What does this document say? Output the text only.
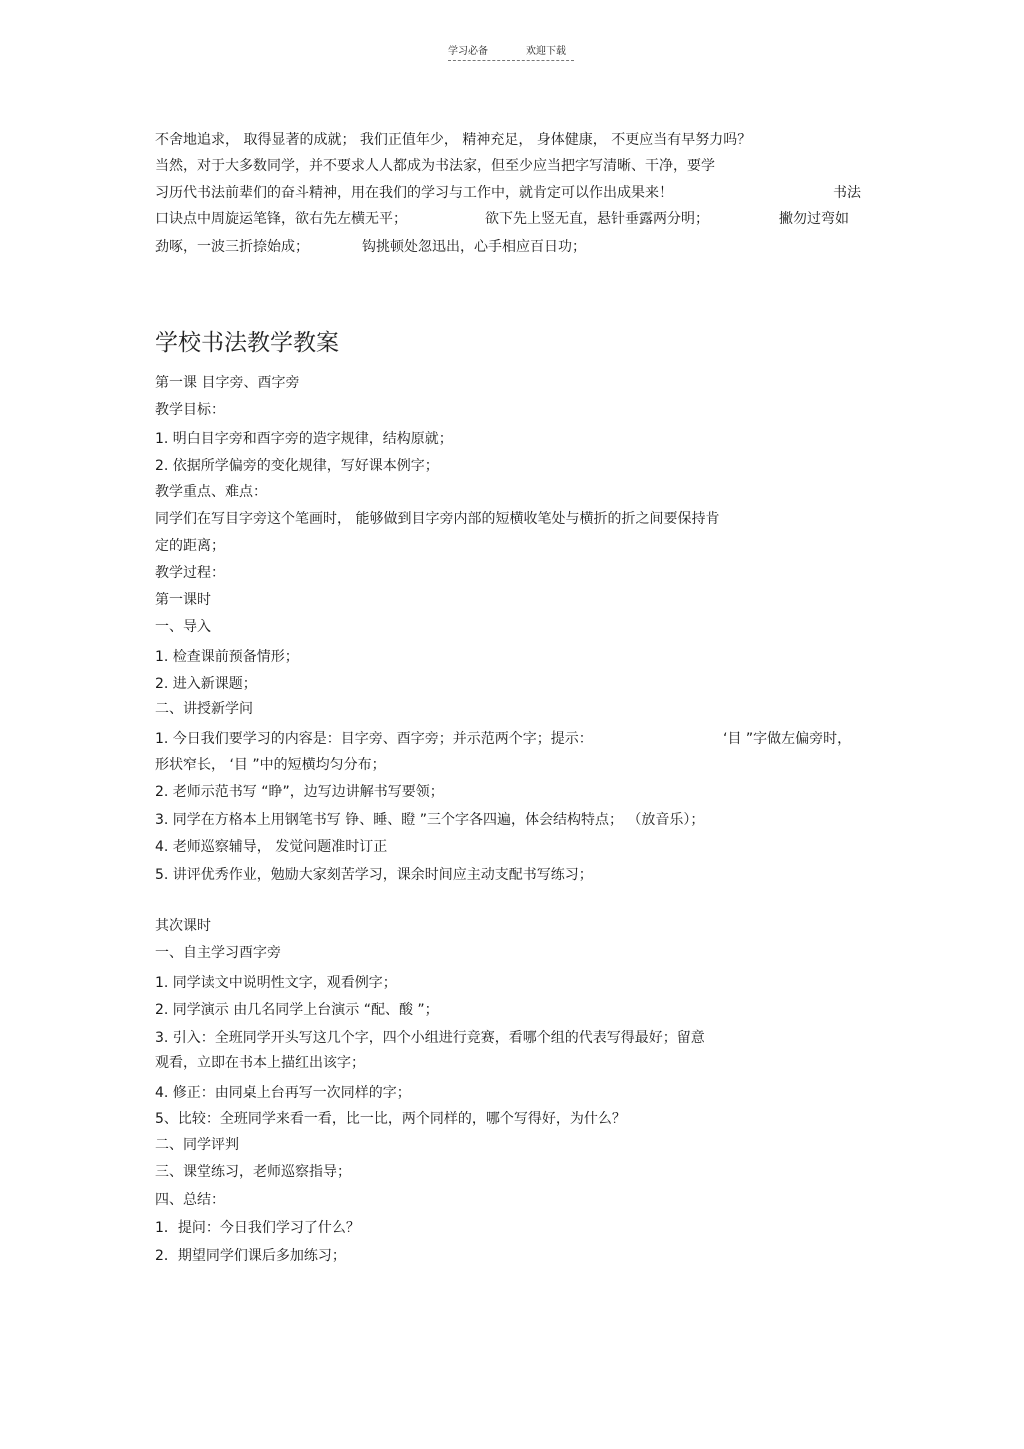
学习必备	欢迎下载
不舍地追求， 取得显著的成就； 我们正值年少， 精神充足， 身体健康， 不更应当有早努力吗？
当然，对于大多数同学，并不要求人人都成为书法家，但至少应当把字写清晰、干净，要学
习历代书法前辈们的奋斗精神，用在我们的学习与工作中，就肯定可以作出成果来！	书法
口诀点中周旋运笔锋，欲右先左横无平；	欲下先上竖无直，悬针垂露两分明；	撇勿过弯如
劲啄，一波三折捺始成；	钩挑顿处忽迅出，心手相应百日功；
学校书法教学教案
第一课 目字旁、酉字旁
教学目标：
1. 明白目字旁和酉字旁的造字规律，结构原就；
2. 依据所学偏旁的变化规律，写好课本例字；
教学重点、难点：
同学们在写目字旁这个笔画时， 能够做到目字旁内部的短横收笔处与横折的折之间要保持肯
定的距离；
教学过程：
第一课时
一、导入
1. 检查课前预备情形；
2. 进入新课题；
二、讲授新学问
1. 今日我们要学习的内容是：目字旁、酉字旁；并示范两个字；提示：	‘目 ”字做左偏旁时，
形状窄长， ‘目 ”中的短横均匀分布；
2. 老师示范书写 “睁”，边写边讲解书写要领；
3. 同学在方格本上用钢笔书写 铮、睡、瞪 ”三个字各四遍，体会结构特点； （放音乐）；
4. 老师巡察辅导， 发觉问题准时订正
5. 讲评优秀作业，勉励大家刻苦学习，课余时间应主动支配书写练习；
其次课时
一、自主学习酉字旁
1. 同学读文中说明性文字，观看例字；
2. 同学演示 由几名同学上台演示 “配、酸 ”；
3. 引入：全班同学开头写这几个字，四个小组进行竞赛，看哪个组的代表写得最好；留意
观看，立即在书本上描红出该字；
4. 修正：由同桌上台再写一次同样的字；
5、比较：全班同学来看一看，比一比，两个同样的，哪个写得好，为什么？
二、同学评判
三、课堂练习，老师巡察指导；
四、总结：
1．提问：今日我们学习了什么？
2．期望同学们课后多加练习；
